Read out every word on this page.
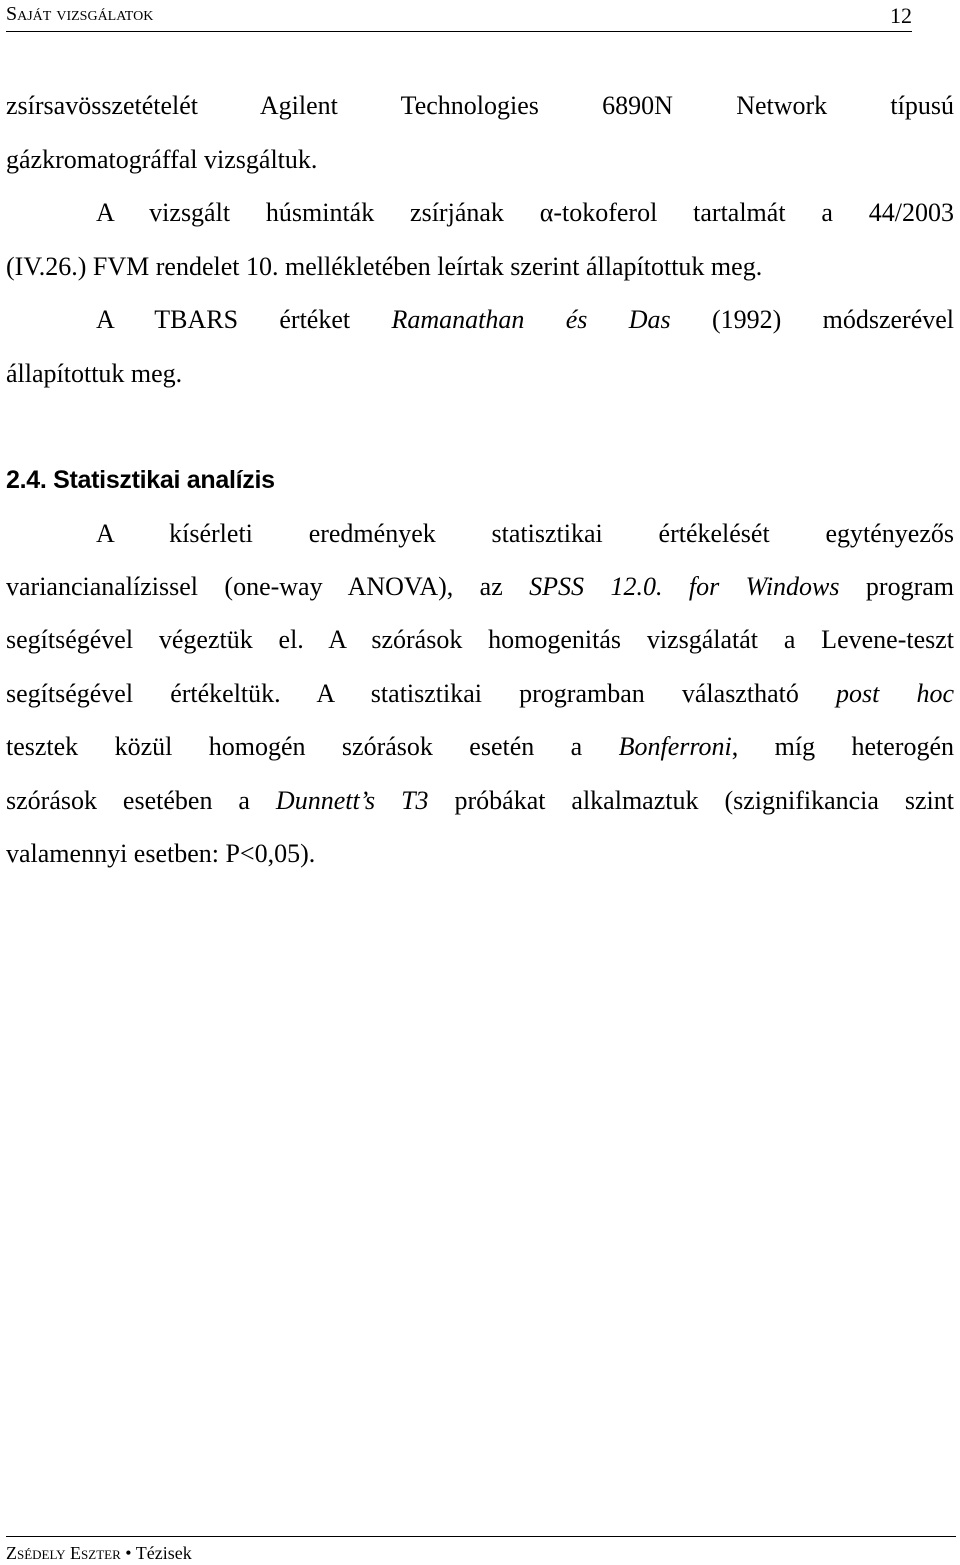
Saját vizsgálatok	12
zsírsavösszetételét Agilent Technologies 6890N Network típusú
gázkromatográffal vizsgáltuk.
A vizsgált húsminták zsírjának α-tokoferol tartalmát a 44/2003
(IV.26.) FVM rendelet 10. mellékletében leírtak szerint állapítottuk meg.
A TBARS értéket Ramanathan és Das (1992) módszerével
állapítottuk meg.
2.4. Statisztikai analízis
A kísérleti eredmények statisztikai értékelését egytényezős
variancianalízissel (one-way ANOVA), az SPSS 12.0. for Windows program
segítségével végeztük el. A szórások homogenitás vizsgálatát a Levene-teszt
segítségével értékeltük. A statisztikai programban választható post hoc
tesztek közül homogén szórások esetén a Bonferroni, míg heterogén
szórások esetében a Dunnett’s T3 próbákat alkalmaztuk (szignifikancia szint
valamennyi esetben: P<0,05).
Zsédely Eszter • Tézisek
